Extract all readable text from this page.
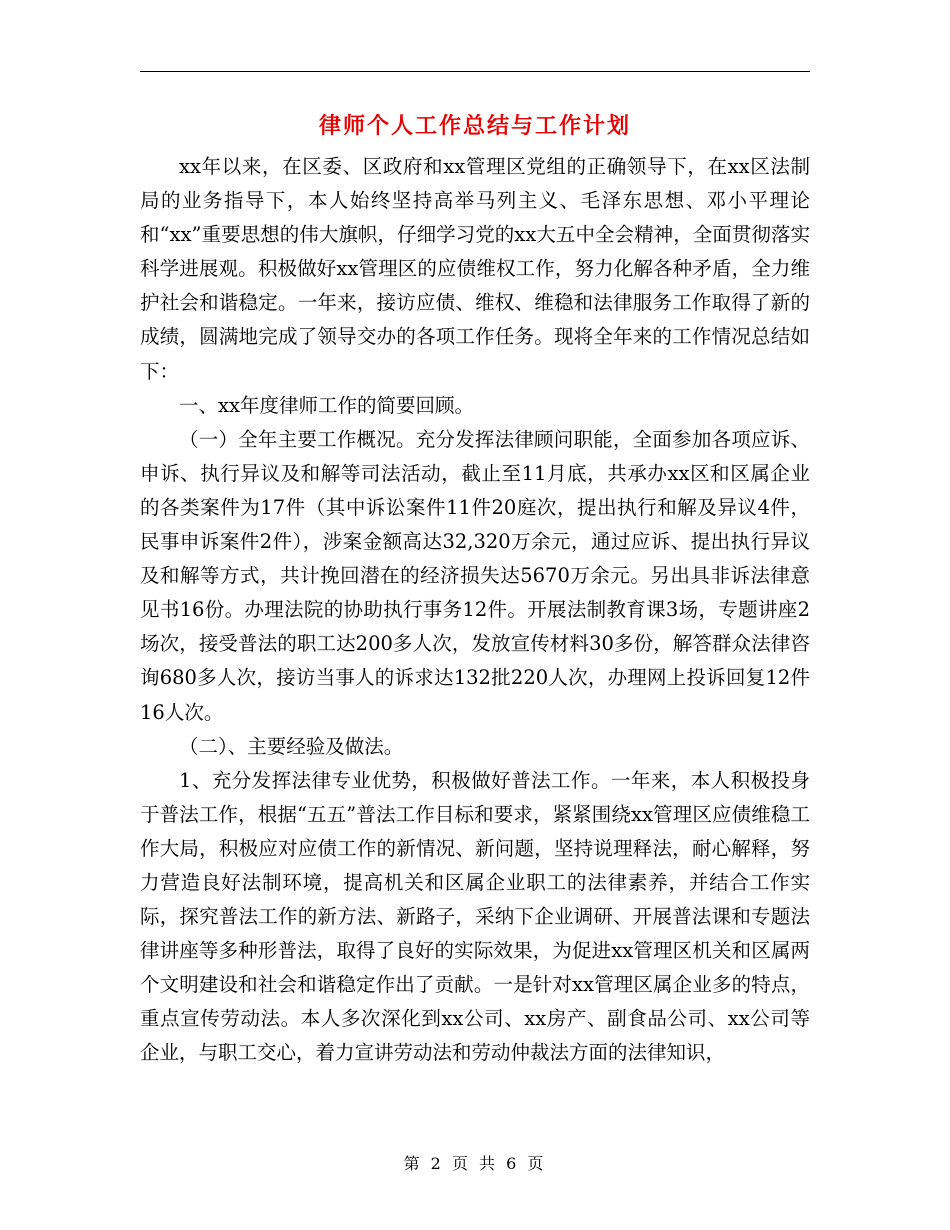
律师个人工作总结与工作计划

xx年以来，在区委、区政府和xx管理区党组的正确领导下，在xx区法制局的业务指导下，本人始终坚持高举马列主义、毛泽东思想、邓小平理论和“xx”重要思想的伟大旗帜，仔细学习党的xx大五中全会精神，全面贯彻落实科学进展观。积极做好xx管理区的应债维权工作，努力化解各种矛盾，全力维护社会和谐稳定。一年来，接访应债、维权、维稳和法律服务工作取得了新的成绩，圆满地完成了领导交办的各项工作任务。现将全年来的工作情况总结如下：

一、xx年度律师工作的简要回顾。

（一）全年主要工作概况。充分发挥法律顾问职能，全面参加各项应诉、申诉、执行异议及和解等司法活动，截止至11月底，共承办xx区和区属企业的各类案件为17件（其中诉讼案件11件20庭次，提出执行和解及异议4件，民事申诉案件2件），涉案金额高达32,320万余元，通过应诉、提出执行异议及和解等方式，共计挽回潜在的经济损失达5670万余元。另出具非诉法律意见书16份。办理法院的协助执行事务12件。开展法制教育课3场，专题讲座2场次，接受普法的职工达200多人次，发放宣传材料30多份，解答群众法律咨询680多人次，接访当事人的诉求达132批220人次，办理网上投诉回复12件16人次。

（二）、主要经验及做法。

1、充分发挥法律专业优势，积极做好普法工作。一年来，本人积极投身于普法工作，根据“五五”普法工作目标和要求，紧紧围绕xx管理区应债维稳工作大局，积极应对应债工作的新情况、新问题，坚持说理释法，耐心解释，努力营造良好法制环境，提高机关和区属企业职工的法律素养，并结合工作实际，探究普法工作的新方法、新路子，采纳下企业调研、开展普法课和专题法律讲座等多种形普法，取得了良好的实际效果，为促进xx管理区机关和区属两个文明建设和社会和谐稳定作出了贡献。一是针对xx管理区属企业多的特点，重点宣传劳动法。本人多次深化到xx公司、xx房产、副食品公司、xx公司等企业，与职工交心，着力宣讲劳动法和劳动仲裁法方面的法律知识，

第 2 页 共 6 页
